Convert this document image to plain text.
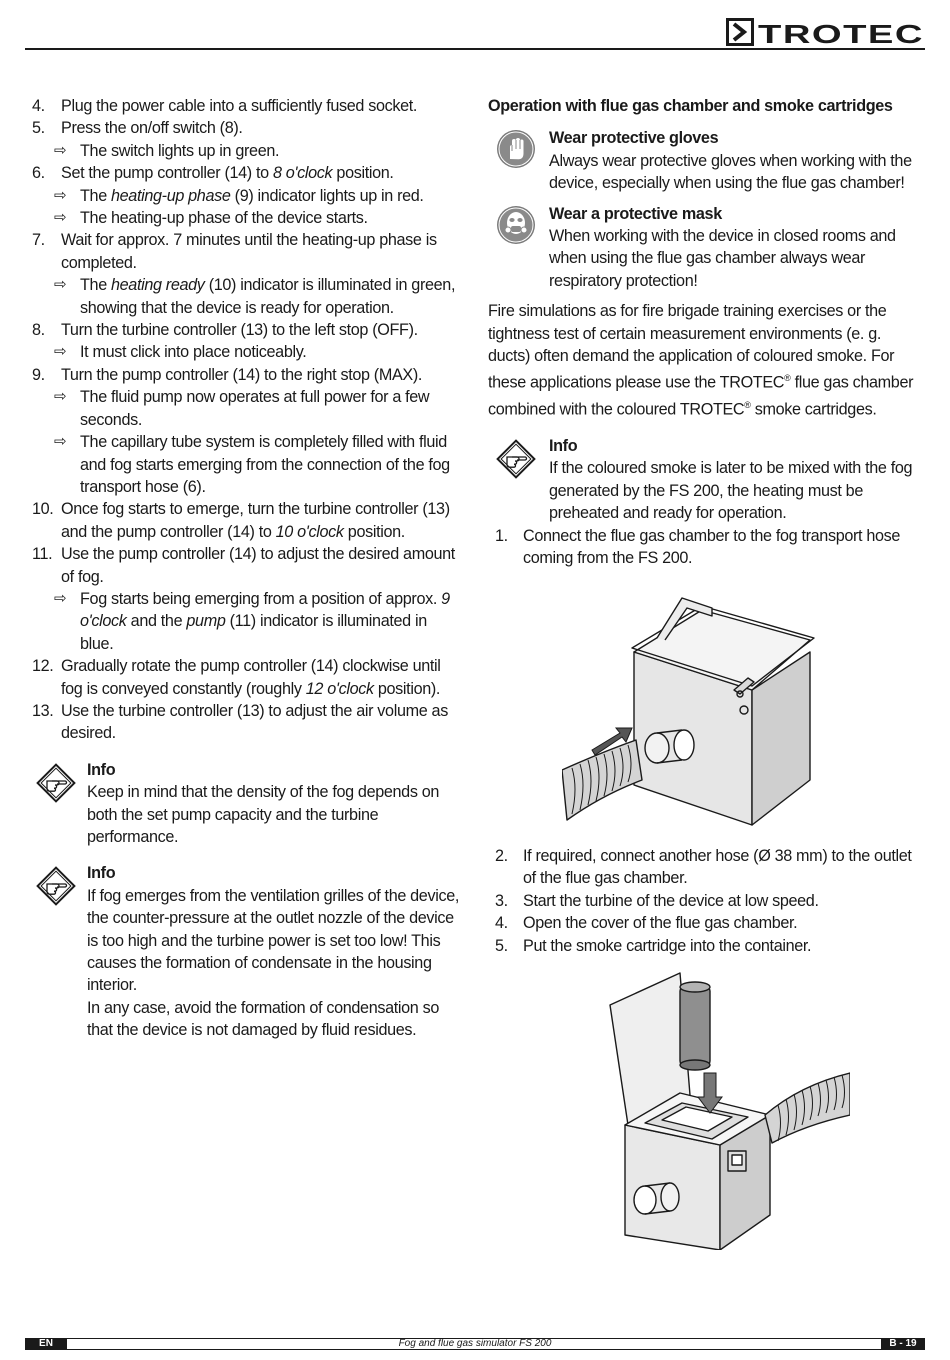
TROTEC
4. Plug the power cable into a sufficiently fused socket.
5. Press the on/off switch (8).
⇨ The switch lights up in green.
6. Set the pump controller (14) to 8 o'clock position.
⇨ The heating-up phase (9) indicator lights up in red.
⇨ The heating-up phase of the device starts.
7. Wait for approx. 7 minutes until the heating-up phase is completed.
⇨ The heating ready (10) indicator is illuminated in green, showing that the device is ready for operation.
8. Turn the turbine controller (13) to the left stop (OFF).
⇨ It must click into place noticeably.
9. Turn the pump controller (14) to the right stop (MAX).
⇨ The fluid pump now operates at full power for a few seconds.
⇨ The capillary tube system is completely filled with fluid and fog starts emerging from the connection of the fog transport hose (6).
10. Once fog starts to emerge, turn the turbine controller (13) and the pump controller (14) to 10 o'clock position.
11. Use the pump controller (14) to adjust the desired amount of fog.
⇨ Fog starts being emerging from a position of approx. 9 o'clock and the pump (11) indicator is illuminated in blue.
12. Gradually rotate the pump controller (14) clockwise until fog is conveyed constantly (roughly 12 o'clock position).
13. Use the turbine controller (13) to adjust the air volume as desired.
Info
Keep in mind that the density of the fog depends on both the set pump capacity and the turbine performance.
Info
If fog emerges from the ventilation grilles of the device, the counter-pressure at the outlet nozzle of the device is too high and the turbine power is set too low! This causes the formation of condensate in the housing interior.
In any case, avoid the formation of condensation so that the device is not damaged by fluid residues.
Operation with flue gas chamber and smoke cartridges
Wear protective gloves
Always wear protective gloves when working with the device, especially when using the flue gas chamber!
Wear a protective mask
When working with the device in closed rooms and when using the flue gas chamber always wear respiratory protection!
Fire simulations as for fire brigade training exercises or the tightness test of certain measurement environments (e. g. ducts) often demand the application of coloured smoke. For these applications please use the TROTEC® flue gas chamber combined with the coloured TROTEC® smoke cartridges.
Info
If the coloured smoke is later to be mixed with the fog generated by the FS 200, the heating must be preheated and ready for operation.
1. Connect the flue gas chamber to the fog transport hose coming from the FS 200.
2. If required, connect another hose (Ø 38 mm) to the outlet of the flue gas chamber.
3. Start the turbine of the device at low speed.
4. Open the cover of the flue gas chamber.
5. Put the smoke cartridge into the container.
EN	Fog and flue gas simulator FS 200	B - 19
